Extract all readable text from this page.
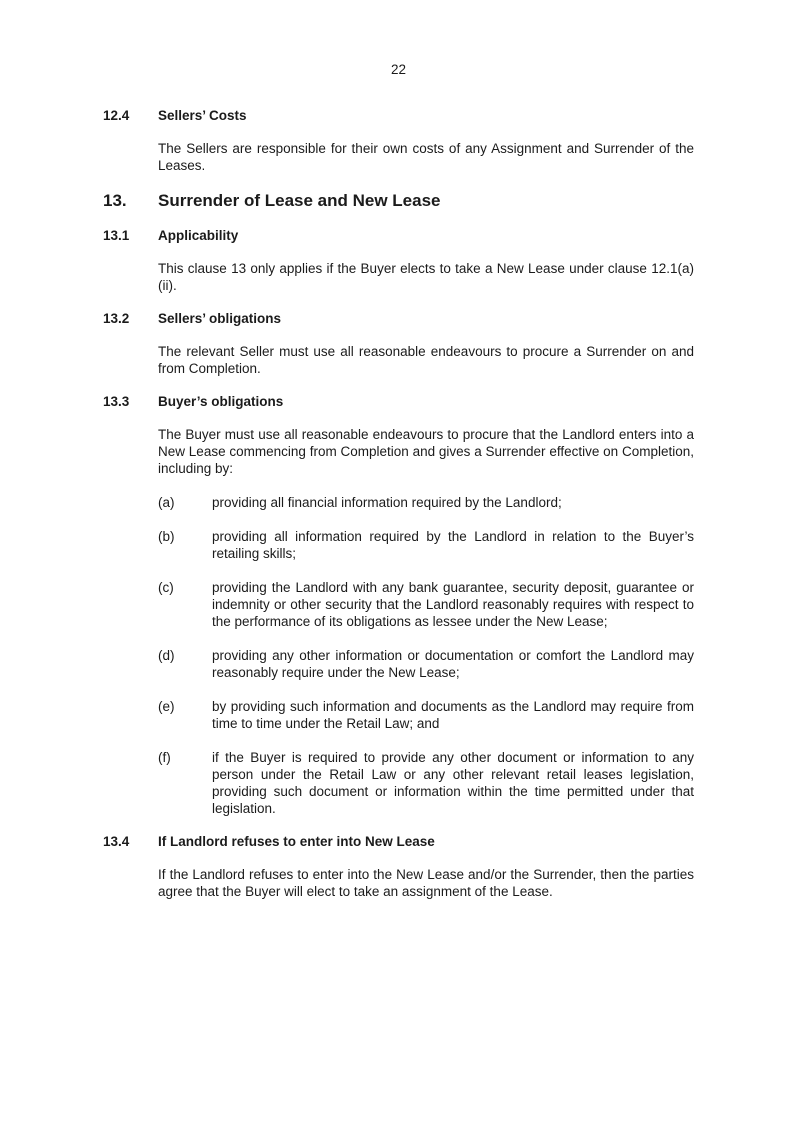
22
12.4	Sellers’ Costs
The Sellers are responsible for their own costs of any Assignment and Surrender of the Leases.
13.	Surrender of Lease and New Lease
13.1	Applicability
This clause 13 only applies if the Buyer elects to take a New Lease under clause 12.1(a)(ii).
13.2	Sellers’ obligations
The relevant Seller must use all reasonable endeavours to procure a Surrender on and from Completion.
13.3	Buyer’s obligations
The Buyer must use all reasonable endeavours to procure that the Landlord enters into a New Lease commencing from Completion and gives a Surrender effective on Completion, including by:
(a)	providing all financial information required by the Landlord;
(b)	providing all information required by the Landlord in relation to the Buyer’s retailing skills;
(c)	providing the Landlord with any bank guarantee, security deposit, guarantee or indemnity or other security that the Landlord reasonably requires with respect to the performance of its obligations as lessee under the New Lease;
(d)	providing any other information or documentation or comfort the Landlord may reasonably require under the New Lease;
(e)	by providing such information and documents as the Landlord may require from time to time under the Retail Law; and
(f)	if the Buyer is required to provide any other document or information to any person under the Retail Law or any other relevant retail leases legislation, providing such document or information within the time permitted under that legislation.
13.4	If Landlord refuses to enter into New Lease
If the Landlord refuses to enter into the New Lease and/or the Surrender, then the parties agree that the Buyer will elect to take an assignment of the Lease.
